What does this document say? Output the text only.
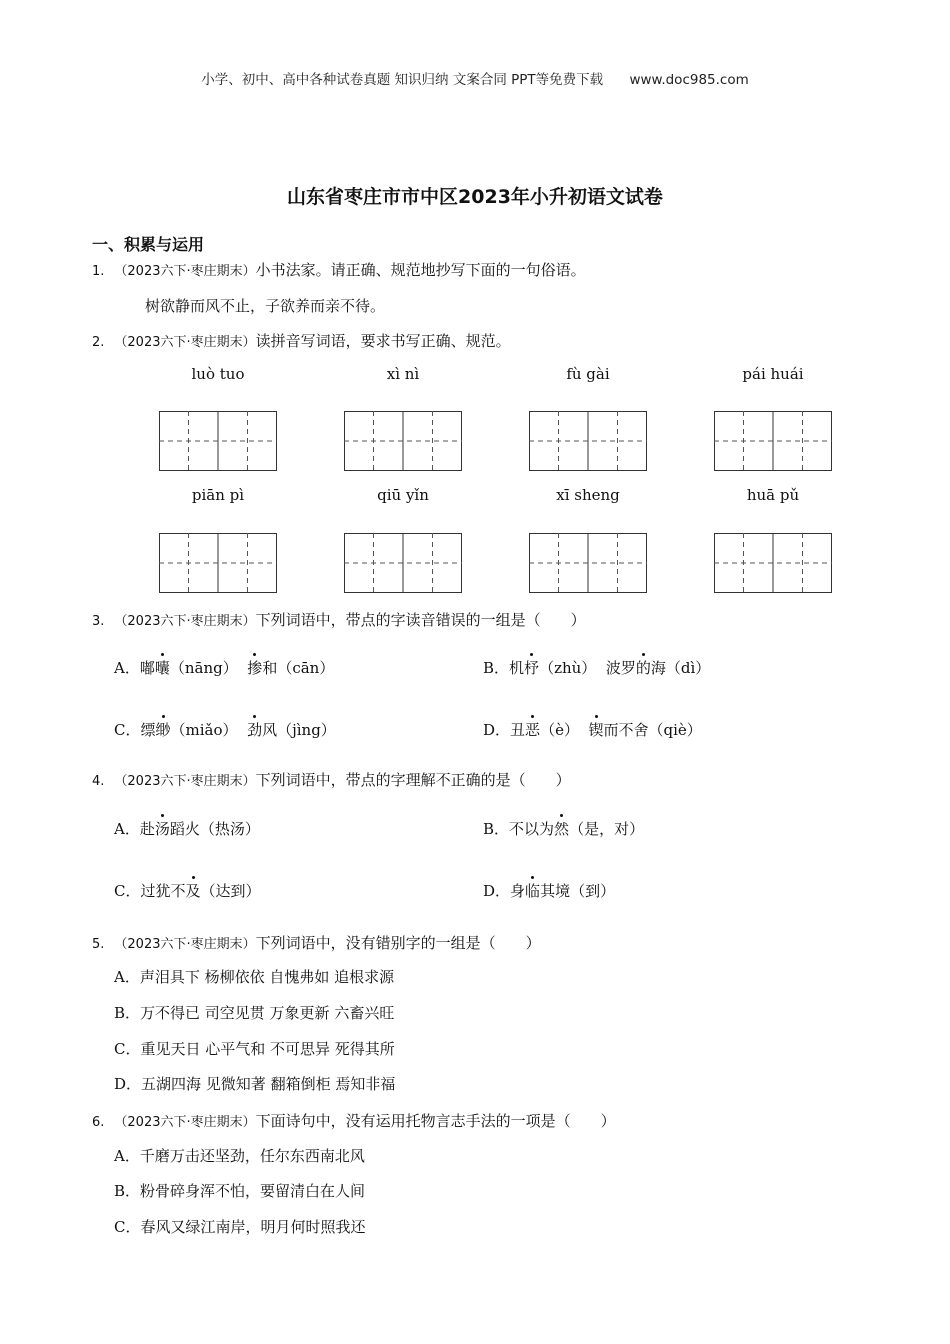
小学、初中、高中各种试卷真题 知识归纳 文案合同 PPT等免费下载 www.doc985.com
山东省枣庄市市中区2023年小升初语文试卷
一、积累与运用
1. （2023六下·枣庄期末）小书法家。请正确、规范地抄写下面的一句俗语。
树欲静而风不止，子欲养而亲不待。
2. （2023六下·枣庄期末）读拼音写词语，要求书写正确、规范。
luò tuo	xì nì	fù gài	pái huái
piān pì	qiū yǐn	xī sheng	huā pǔ
3. （2023六下·枣庄期末）下列词语中，带点的字读音错误的一组是（　　）
A．嘟囔（nāng） 掺和（cān）	B．机杼（zhù） 波罗的海（dì）
C．缥缈（miǎo） 劲风（jìng）	D．丑恶（è） 锲而不舍（qiè）
4. （2023六下·枣庄期末）下列词语中，带点的字理解不正确的是（　　）
A．赴汤蹈火（热汤）	B．不以为然（是，对）
C．过犹不及（达到）	D．身临其境（到）
5. （2023六下·枣庄期末）下列词语中，没有错别字的一组是（　　）
A．声泪具下 杨柳依依 自愧弗如 追根求源
B．万不得已 司空见贯 万象更新 六畜兴旺
C．重见天日 心平气和 不可思异 死得其所
D．五湖四海 见微知著 翻箱倒柜 焉知非福
6. （2023六下·枣庄期末）下面诗句中，没有运用托物言志手法的一项是（　　）
A．千磨万击还坚劲，任尔东西南北风
B．粉骨碎身浑不怕，要留清白在人间
C．春风又绿江南岸，明月何时照我还
